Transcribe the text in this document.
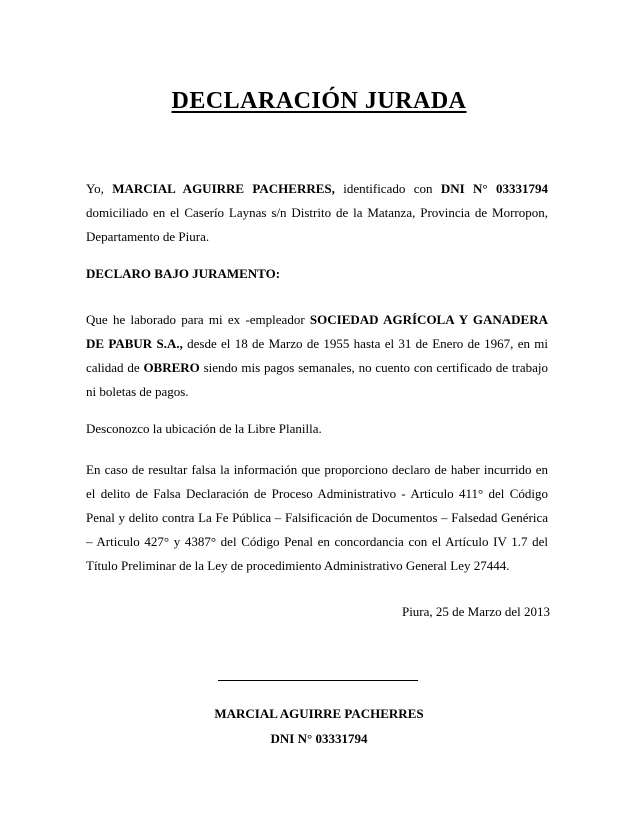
DECLARACIÓN JURADA
Yo, MARCIAL AGUIRRE PACHERRES, identificado con DNI N° 03331794 domiciliado en el Caserío Laynas s/n Distrito de la Matanza, Provincia de Morropon, Departamento de Piura.
DECLARO BAJO JURAMENTO:
Que he laborado para mi ex -empleador SOCIEDAD AGRÍCOLA Y GANADERA DE PABUR S.A., desde el 18 de Marzo de 1955 hasta el 31 de Enero de 1967, en mi calidad de OBRERO siendo mis pagos semanales, no cuento con certificado de trabajo ni boletas de pagos.
Desconozco la ubicación de la Libre Planilla.
En caso de resultar falsa la información que proporciono declaro de haber incurrido en el delito de Falsa Declaración de Proceso Administrativo - Articulo 411° del Código Penal y delito contra La Fe Pública – Falsificación de Documentos – Falsedad Genérica – Articulo 427° y 4387° del Código Penal en concordancia con el Artículo IV 1.7 del Título Preliminar de la Ley de procedimiento Administrativo General Ley 27444.
Piura, 25 de Marzo del 2013
MARCIAL AGUIRRE PACHERRES
DNI N° 03331794
